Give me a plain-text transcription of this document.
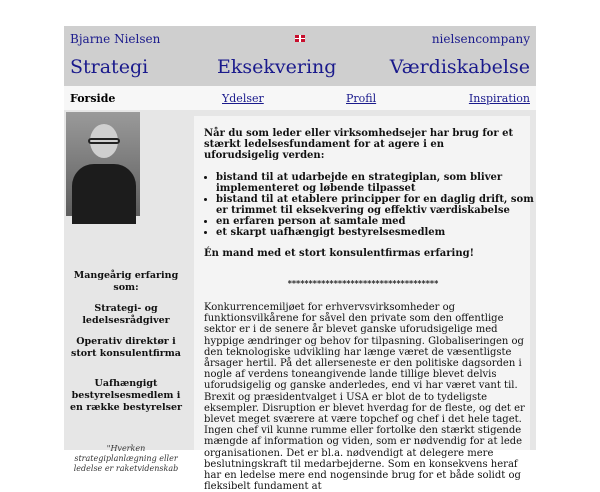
Bjarne Nielsen	nielsencompany
Strategi	Eksekvering	Værdiskabelse
Forside	Ydelser	Profil	Inspiration
Mangeårig erfaring som:
Strategi- og ledelsesrådgiver
Operativ direktør i stort konsulentfirma
Uafhængigt bestyrelsesmedlem i en række bestyrelser
"Hverken strategiplanlægning eller ledelse er raketvidenskab
Når du som leder eller virksomhedsejer har brug for et stærkt ledelsesfundament for at agere i en uforudsigelig verden:
• bistand til at udarbejde en strategiplan, som bliver implementeret og løbende tilpasset
• bistand til at etablere principper for en daglig drift, som er trimmet til eksekvering og effektiv værdiskabelse
• en erfaren person at samtale med
• et skarpt uafhængigt bestyrelsesmedlem
Én mand med et stort konsulentfirmas erfaring!
************************************
Konkurrencemiljøet for erhvervsvirksomheder og funktionsvilkårene for såvel den private som den offentlige sektor er i de senere år blevet ganske uforudsigelige med hyppige ændringer og behov for tilpasning. Globaliseringen og den teknologiske udvikling har længe været de væsentligste årsager hertil. På det allerseneste er den politiske dagsorden i nogle af verdens toneangivende lande tillige blevet delvis uforudsigelig og ganske anderledes, end vi har været vant til. Brexit og præsidentvalget i USA er blot de to tydeligste eksempler. Disruption er blevet hverdag for de fleste, og det er blevet meget sværere at være topchef og chef i det hele taget. Ingen chef vil kunne rumme eller fortolke den stærkt stigende mængde af information og viden, som er nødvendig for at lede organisationen. Det er bl.a. nødvendigt at delegere mere beslutningskraft til medarbejderne. Som en konsekvens heraf har en ledelse mere end nogensinde brug for et både solidt og fleksibelt fundament at
